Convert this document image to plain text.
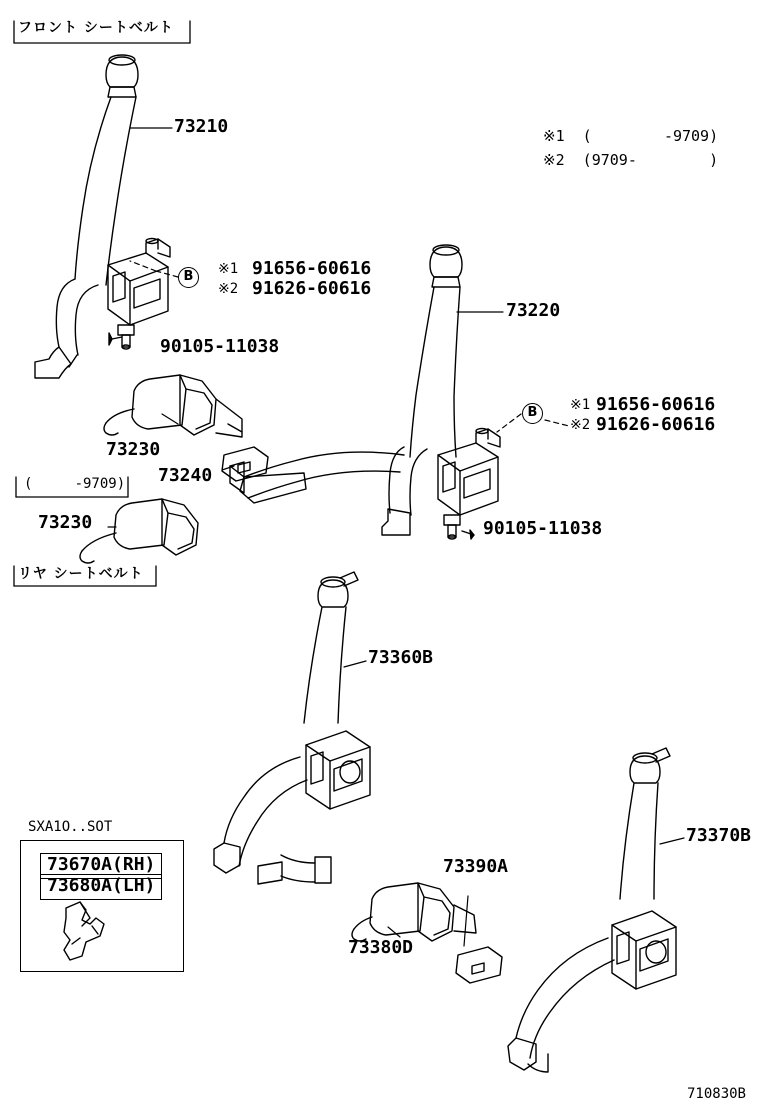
フロント シートベルト
リヤ シートベルト
※1  (        -9709)
※2  (9709-        )
73210
73220
73230
73240
73230
(     -9709)
73360B
73370B
73380D
73390A
90105-11038
90105-11038
※1 91656-60616
※2 91626-60616
B
※1 91656-60616
※2 91626-60616
B
SXA1O..SOT
73670A(RH)
73680A(LH)
710830B
